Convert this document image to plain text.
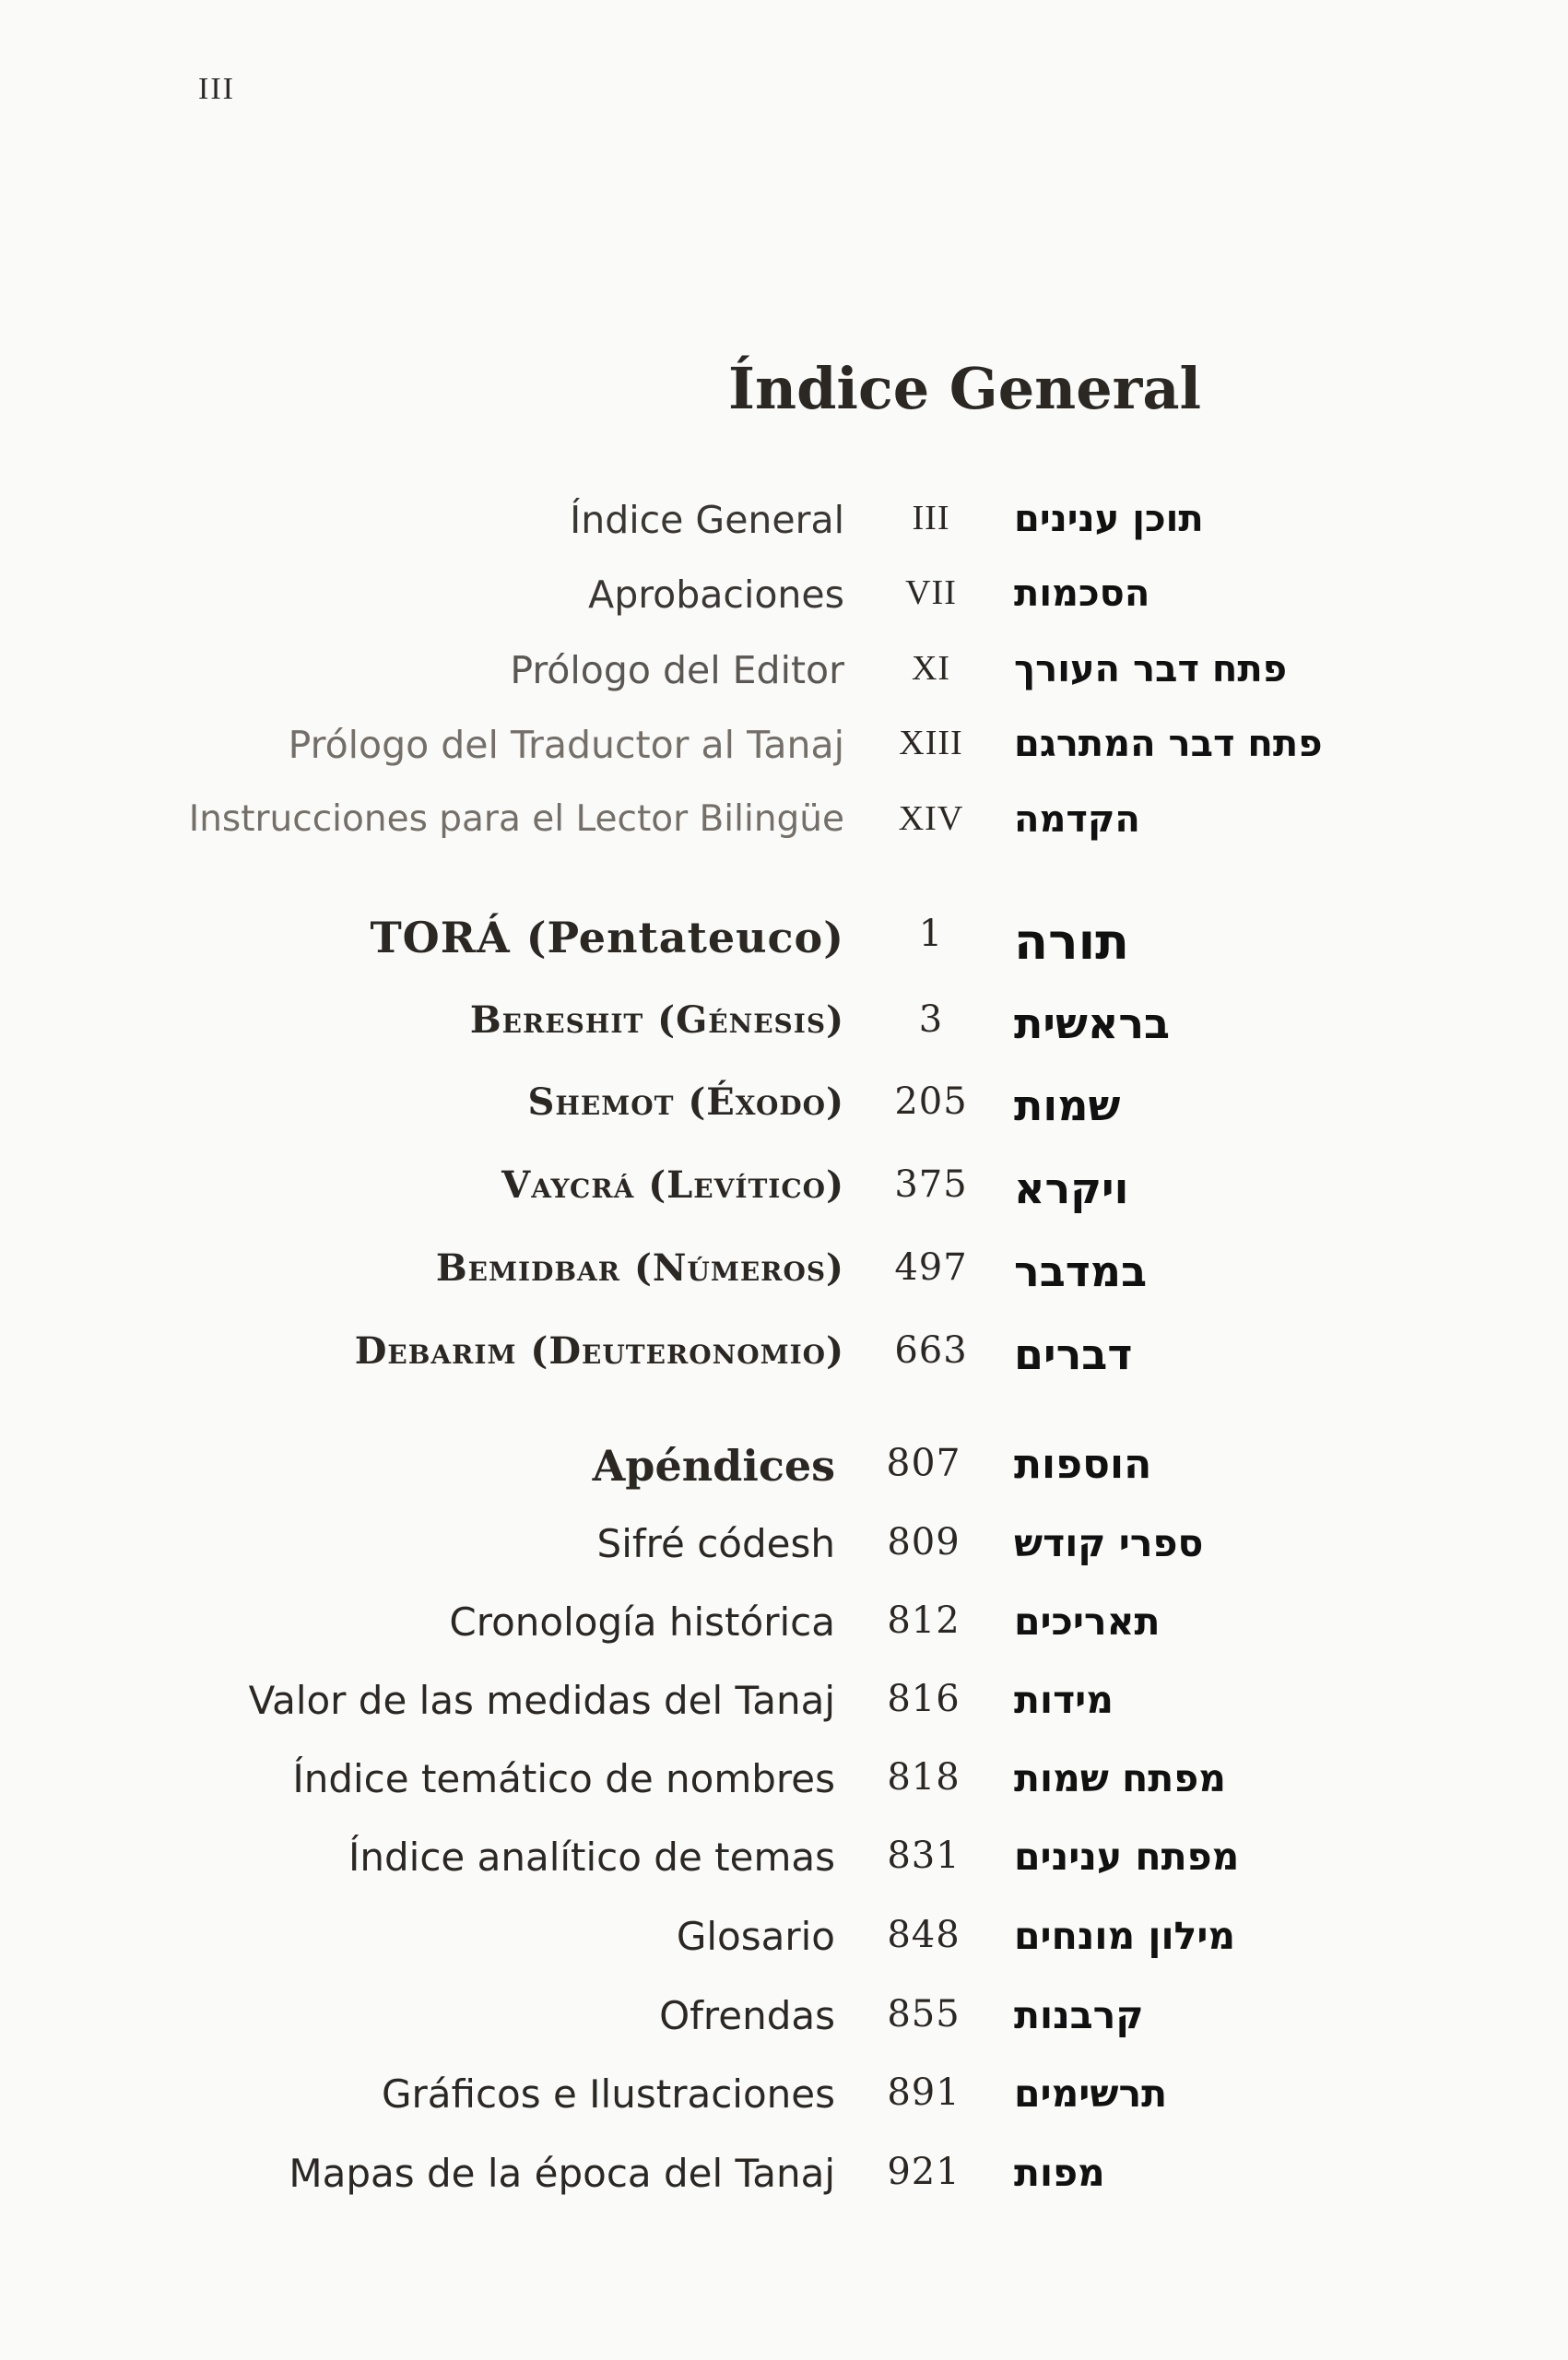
III
Índice General
Índice General	III	תוכן ענינים
Aprobaciones	VII	הסכמות
Prólogo del Editor	XI	פתח דבר העורך
Prólogo del Traductor al Tanaj	XIII	פתח דבר המתרגם
Instrucciones para el Lector Bilingüe	XIV	הקדמה
TORÁ (Pentateuco)	1	תורה
Bereshit (Génesis)	3	בראשית
Shemot (Éxodo) 205 שמות
Vaycrá (Levítico) 375 ויקרא
Bemidbar (Números) 497 במדבר
Debarim (Deuteronomio) 663 דברים
Apéndices 807 הוספות
Sifré códesh 809 ספרי קודש
Cronología histórica 812 תאריכים
Valor de las medidas del Tanaj 816 מידות
Índice temático de nombres 818 מפתח שמות
Índice analítico de temas 831 מפתח ענינים
Glosario 848 מילון מונחים
Ofrendas 855 קרבנות
Gráficos e Ilustraciones 891 תרשימים
Mapas de la época del Tanaj 921 מפות
